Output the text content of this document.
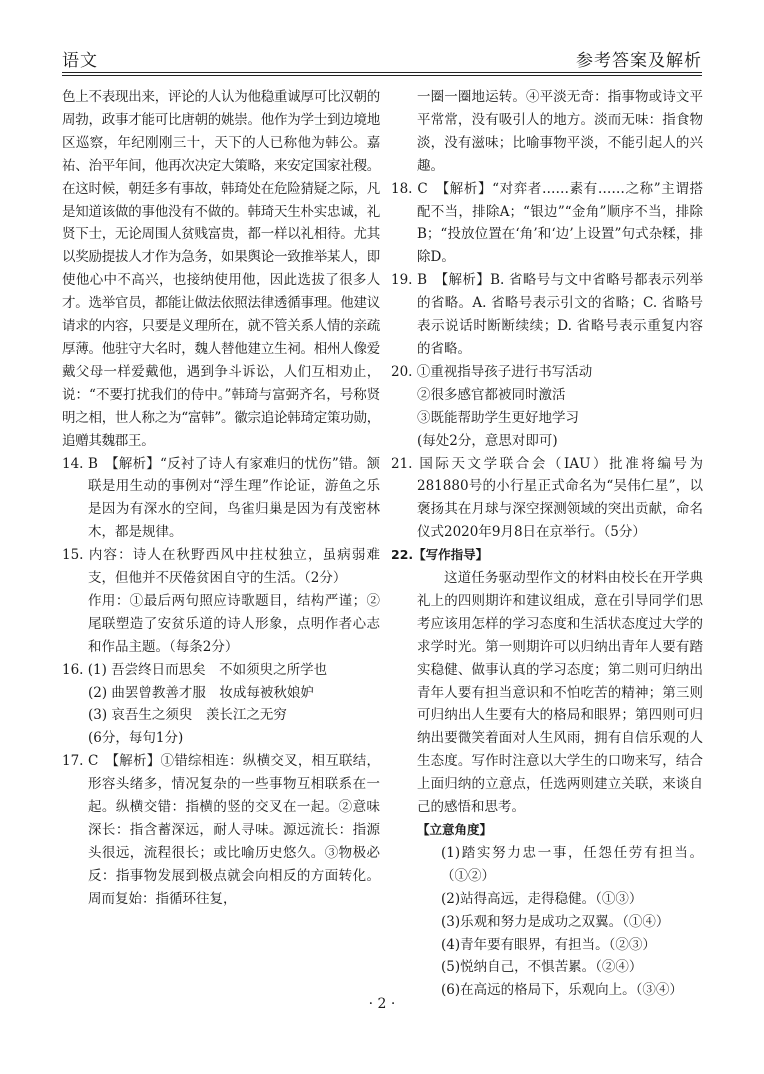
语文	参考答案及解析

色上不表现出来，评论的人认为他稳重诚厚可比汉朝的周勃，政事才能可比唐朝的姚崇。他作为学士到边境地区巡察，年纪刚刚三十，天下的人已称他为韩公。嘉祐、治平年间，他再次决定大策略，来安定国家社稷。在这时候，朝廷多有事故，韩琦处在危险猜疑之际，凡是知道该做的事他没有不做的。韩琦天生朴实忠诚，礼贤下士，无论周围人贫贱富贵，都一样以礼相待。尤其以奖励提拔人才作为急务，如果舆论一致推举某人，即使他心中不高兴，也接纳使用他，因此选拔了很多人才。选举官员，都能让做法依照法律透循事理。他建议请求的内容，只要是义理所在，就不管关系人情的亲疏厚薄。他驻守大名时，魏人替他建立生祠。相州人像爱戴父母一样爱戴他，遇到争斗诉讼，人们互相劝止，说：“不要打扰我们的侍中。”韩琦与富弼齐名，号称贤明之相，世人称之为“富韩”。徽宗追论韩琦定策功勋，追赠其魏郡王。

14. B　【解析】“反衬了诗人有家难归的忧伤”错。颔联是用生动的事例对“浮生理”作论证，游鱼之乐是因为有深水的空间，鸟雀归巢是因为有茂密林木，都是规律。

15. 内容：诗人在秋野西风中拄杖独立，虽病弱难支，但他并不厌倦贫困自守的生活。（2分）

作用：①最后两句照应诗歌题目，结构严谨；②尾联塑造了安贫乐道的诗人形象，点明作者心志和作品主题。（每条2分）

16. (1) 吾尝终日而思矣　不如须臾之所学也

(2) 曲罢曾教善才服　妆成每被秋娘妒

(3) 哀吾生之须臾　羡长江之无穷

(6分，每句1分)

17. C　【解析】①错综相连：纵横交叉，相互联结，形容头绪多，情况复杂的一些事物互相联系在一起。纵横交错：指横的竖的交叉在一起。②意味深长：指含蓄深远，耐人寻味。源远流长：指源头很远，流程很长；或比喻历史悠久。③物极必反：指事物发展到极点就会向相反的方面转化。周而复始：指循环往复，

一圈一圈地运转。④平淡无奇：指事物或诗文平平常常，没有吸引人的地方。淡而无味：指食物淡，没有滋味；比喻事物平淡，不能引起人的兴趣。

18. C　【解析】“对弈者……素有……之称”主谓搭配不当，排除A；“银边”“金角”顺序不当，排除B；“投放位置在‘角’和‘边’上设置”句式杂糅，排除D。

19. B　【解析】B. 省略号与文中省略号都表示列举的省略。A. 省略号表示引文的省略；C. 省略号表示说话时断断续续；D. 省略号表示重复内容的省略。

20. ①重视指导孩子进行书写活动

②很多感官都被同时激活

③既能帮助学生更好地学习

(每处2分，意思对即可)

21. 国际天文学联合会（IAU）批准将编号为281880号的小行星正式命名为“吴伟仁星”，以褒扬其在月球与深空探测领域的突出贡献，命名仪式2020年9月8日在京举行。（5分）

22.【写作指导】

这道任务驱动型作文的材料由校长在开学典礼上的四则期许和建议组成，意在引导同学们思考应该用怎样的学习态度和生活状态度过大学的求学时光。第一则期许可以归纳出青年人要有踏实稳健、做事认真的学习态度；第二则可归纳出青年人要有担当意识和不怕吃苦的精神；第三则可归纳出人生要有大的格局和眼界；第四则可归纳出要微笑着面对人生风雨，拥有自信乐观的人生态度。写作时注意以大学生的口吻来写，结合上面归纳的立意点，任选两则建立关联，来谈自己的感悟和思考。

【立意角度】

(1)踏实努力忠一事，任怨任劳有担当。（①②）

(2)站得高远，走得稳健。（①③）

(3)乐观和努力是成功之双翼。（①④）

(4)青年要有眼界，有担当。（②③）

(5)悦纳自己，不惧苦累。（②④）

(6)在高远的格局下，乐观向上。（③④）

· 2 ·
